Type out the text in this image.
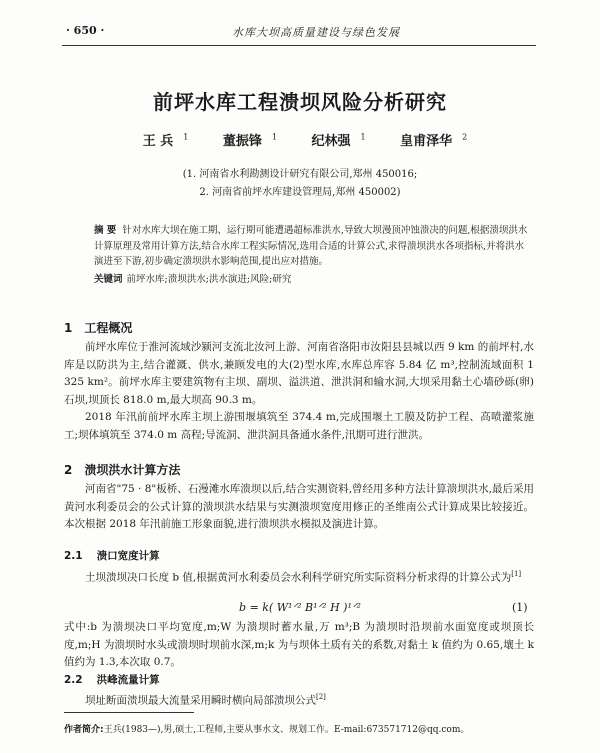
· 650 ·	水库大坝高质量建设与绿色发展
前坪水库工程溃坝风险分析研究
王 兵 $^1$	董振锋 $^1$	纪林强 $^1$	皇甫泽华 $^2$
(1. 河南省水利勘测设计研究有限公司,郑州 450016;
2. 河南省前坪水库建设管理局,郑州 450002)
摘 要 针对水库大坝在施工期、运行期可能遭遇超标准洪水,导致大坝漫顶冲蚀溃决的问题,根据溃坝洪水计算原理及常用计算方法,结合水库工程实际情况,选用合适的计算公式,求得溃坝洪水各项指标,并将洪水演进至下游,初步确定溃坝洪水影响范围,提出应对措施。
关键词 前坪水库;溃坝洪水;洪水演进;风险;研究
1 工程概况

前坪水库位于淮河流域沙颍河支流北汝河上游、河南省洛阳市汝阳县县城以西 9 km 的前坪村,水库是以防洪为主,结合灌溉、供水,兼顾发电的大(2)型水库,水库总库容 5.84 亿 m³,控制流域面积 1 325 km²。前坪水库主要建筑物有主坝、副坝、溢洪道、泄洪洞和输水洞,大坝采用黏土心墙砂砾(卵)石坝,坝顶长 818.0 m,最大坝高 90.3 m。

2018 年汛前前坪水库主坝上游围堰填筑至 374.4 m,完成围堰土工膜及防护工程、高喷灌浆施工;坝体填筑至 374.0 m 高程;导流洞、泄洪洞具备通水条件,汛期可进行泄洪。

2 溃坝洪水计算方法

河南省"75 · 8"板桥、石漫滩水库溃坝以后,结合实测资料,曾经用多种方法计算溃坝洪水,最后采用黄河水利委员会的公式计算的溃坝洪水结果与实测溃坝宽度用修正的圣维南公式计算成果比较接近。本次根据 2018 年汛前施工形象面貌,进行溃坝洪水模拟及演进计算。

2.1 溃口宽度计算

土坝溃坝决口长度 b 值,根据黄河水利委员会水利科学研究所实际资料分析求得的计算公式为[1]

b = k( W¹ᐟ² B¹ᐟ² H )¹ᐟ²	(1)

式中:b 为溃坝决口平均宽度,m;W 为溃坝时蓄水量,万 m³;B 为溃坝时沿坝前水面宽度或坝顶长度,m;H 为溃坝时水头或溃坝时坝前水深,m;k 为与坝体土质有关的系数,对黏土 k 值约为 0.65,壤土 k 值约为 1.3,本次取 0.7。

2.2 洪峰流量计算

坝址断面溃坝最大流量采用瞬时横向局部溃坝公式[2]

作者简介:王兵(1983—),男,硕士,工程师,主要从事水文、规划工作。E-mail:673571712@qq.com。
